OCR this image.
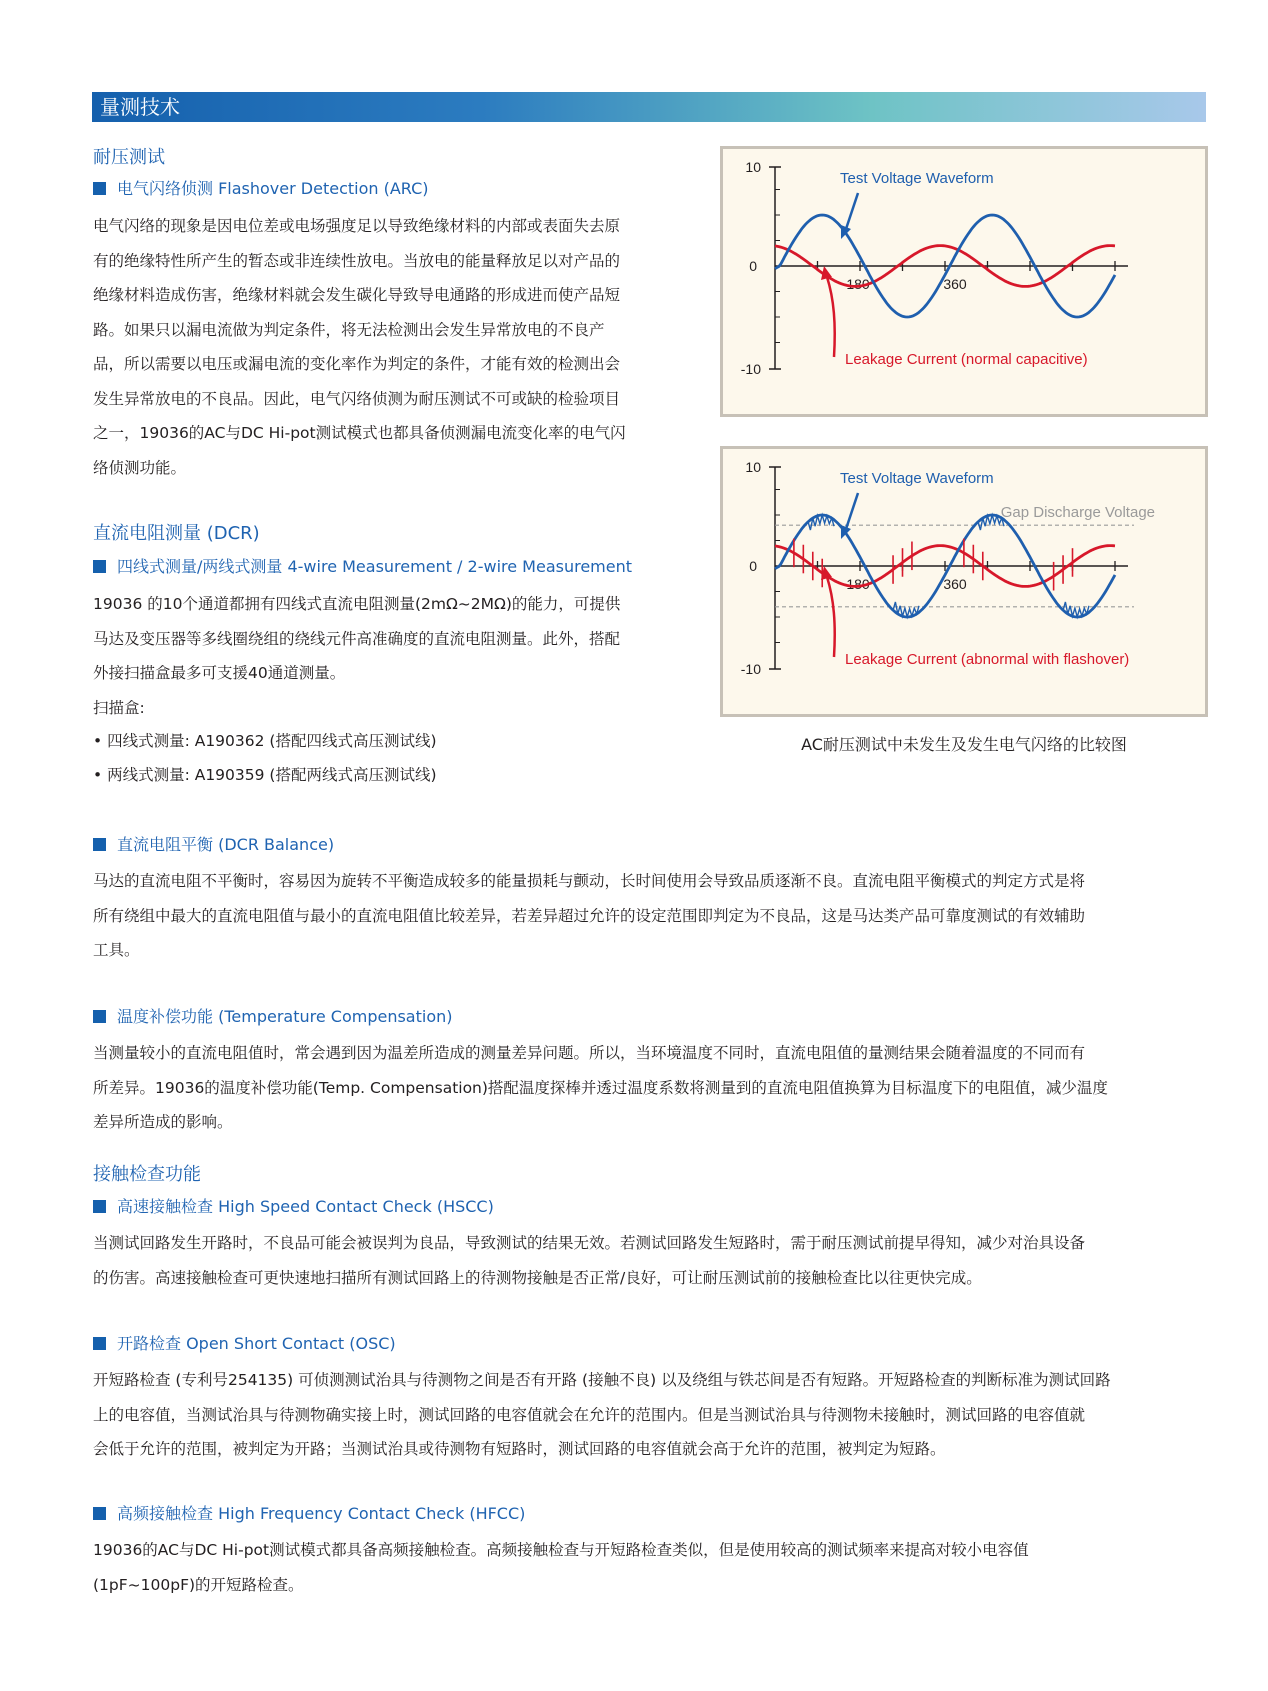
量测技术
耐压测试
电气闪络侦测 Flashover Detection (ARC)
电气闪络的现象是因电位差或电场强度足以导致绝缘材料的内部或表面失去原
有的绝缘特性所产生的暂态或非连续性放电。当放电的能量释放足以对产品的
绝缘材料造成伤害，绝缘材料就会发生碳化导致导电通路的形成进而使产品短
路。如果只以漏电流做为判定条件，将无法检测出会发生异常放电的不良产
品，所以需要以电压或漏电流的变化率作为判定的条件，才能有效的检测出会
发生异常放电的不良品。因此，电气闪络侦测为耐压测试不可或缺的检验项目
之一，19036的AC与DC Hi-pot测试模式也都具备侦测漏电流变化率的电气闪
络侦测功能。
直流电阻测量 (DCR)
四线式测量/两线式测量 4-wire Measurement / 2-wire Measurement
19036 的10个通道都拥有四线式直流电阻测量(2mΩ~2MΩ)的能力，可提供
马达及变压器等多线圈绕组的绕线元件高准确度的直流电阻测量。此外，搭配
外接扫描盒最多可支援40通道测量。
扫描盒:
• 四线式测量: A190362 (搭配四线式高压测试线)
• 两线式测量: A190359 (搭配两线式高压测试线)
直流电阻平衡 (DCR Balance)
马达的直流电阻不平衡时，容易因为旋转不平衡造成较多的能量损耗与颤动，长时间使用会导致品质逐渐不良。直流电阻平衡模式的判定方式是将
所有绕组中最大的直流电阻值与最小的直流电阻值比较差异，若差异超过允许的设定范围即判定为不良品，这是马达类产品可靠度测试的有效辅助
工具。
温度补偿功能 (Temperature Compensation)
当测量较小的直流电阻值时，常会遇到因为温差所造成的测量差异问题。所以，当环境温度不同时，直流电阻值的量测结果会随着温度的不同而有
所差异。19036的温度补偿功能(Temp. Compensation)搭配温度探棒并透过温度系数将测量到的直流电阻值换算为目标温度下的电阻值，减少温度
差异所造成的影响。
接触检查功能
高速接触检查 High Speed Contact Check (HSCC)
当测试回路发生开路时，不良品可能会被误判为良品，导致测试的结果无效。若测试回路发生短路时，需于耐压测试前提早得知，减少对治具设备
的伤害。高速接触检查可更快速地扫描所有测试回路上的待测物接触是否正常/良好，可让耐压测试前的接触检查比以往更快完成。
开路检查 Open Short Contact (OSC)
开短路检查 (专利号254135) 可侦测测试治具与待测物之间是否有开路 (接触不良) 以及绕组与铁芯间是否有短路。开短路检查的判断标准为测试回路
上的电容值，当测试治具与待测物确实接上时，测试回路的电容值就会在允许的范围内。但是当测试治具与待测物未接触时，测试回路的电容值就
会低于允许的范围，被判定为开路；当测试治具或待测物有短路时，测试回路的电容值就会高于允许的范围，被判定为短路。
高频接触检查 High Frequency Contact Check (HFCC)
19036的AC与DC Hi-pot测试模式都具备高频接触检查。高频接触检查与开短路检查类似，但是使用较高的测试频率来提高对较小电容值
(1pF~100pF)的开短路检查。
10
0
-10
180	360
Test Voltage Waveform
Leakage Current (normal capacitive)
10
0
-10
180	360
Gap Discharge Voltage
Test Voltage Waveform
Leakage Current (abnormal with flashover)
AC耐压测试中未发生及发生电气闪络的比较图
